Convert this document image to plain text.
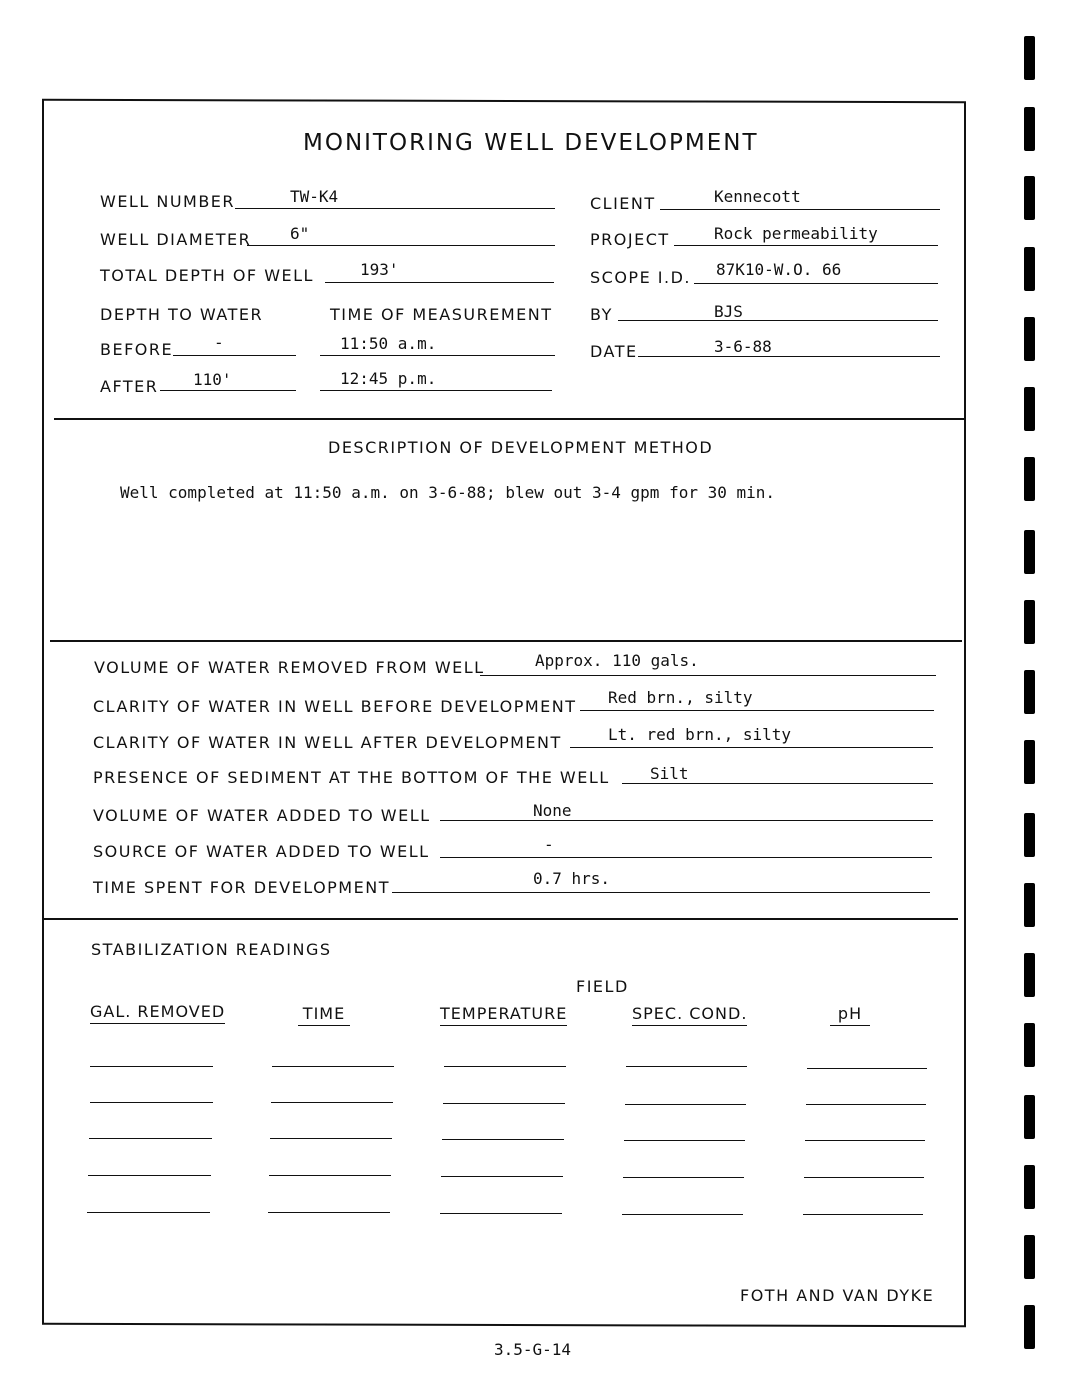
MONITORING WELL DEVELOPMENT
WELL NUMBER	TW-K4
WELL DIAMETER 6"
TOTAL DEPTH OF WELL	193'
DEPTH TO WATER	TIME OF MEASUREMENT
BEFORE	-	11:50 a.m.
AFTER 110'	12:45 p.m.
CLIENT	Kennecott
PROJECT	Rock permeability
SCOPE I.D. 87K10-W.O. 66
BY	BJS
DATE	3-6-88
DESCRIPTION OF DEVELOPMENT METHOD
Well completed at 11:50 a.m. on 3-6-88; blew out 3-4 gpm for 30 min.
VOLUME OF WATER REMOVED FROM WELL	Approx. 110 gals.
CLARITY OF WATER IN WELL BEFORE DEVELOPMENT Red brn., silty
CLARITY OF WATER IN WELL AFTER DEVELOPMENT	Lt. red brn., silty
PRESENCE OF SEDIMENT AT THE BOTTOM OF THE WELL	Silt
VOLUME OF WATER ADDED TO WELL	None
SOURCE OF WATER ADDED TO WELL	-
TIME SPENT FOR DEVELOPMENT	0.7 hrs.
STABILIZATION READINGS
FIELD
GAL. REMOVED	TIME	TEMPERATURE	SPEC. COND.	pH
FOTH AND VAN DYKE
3.5-G-14
